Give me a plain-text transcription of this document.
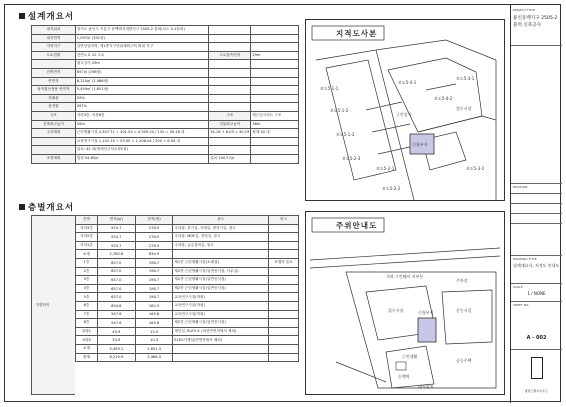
설계개요서
대지위치	경기도 용인시 기흥구 동백택지개발지구 2505-2 블럭(보도 5-2블럭)		
대지면적	1,097㎡ (331평)		
지역지구	일반상업지역, 제1종지구단위계획구역 확대 지구		
도로현황	전면도로 10 도로	도로접속면적	29m
	접도길이 29m		
건축면적	657㎡ (198평)		
연면적	8,210㎡ (2,486평)		
용적률산정용 연면적	5,459㎡ (1,651평)		
건폐율	59%		
용적률	497%		
규모	지하3층, 지상8층	구조	철근콘크리트 구조
건축최고높이	35m	건물최고높이	36m
주차계획	근린생활시설 4,307.71 ÷ 201.53 = 4,509.24 / 132 = 34.16 대	34.16 + 6.03 = 40.19	합계 40 대
	교육연구시설 1,152.14 ÷ 53.90 = 1,206.04 / 200 = 6.03 대		
	설치: 42 대(장애인주차1대포함)		
조경계획	법정 54.85㎡	설치 100.57㎡	
층별개요서
층별면적
층별	면적(㎡)	면적(평)	용도	비고
지하3층	920.7	278.9	주차장, 전기실, 기계실, 발전기실, 창고	
지하2층	920.7	278.9	주차장, MDF실, 전력실, 창고	
지하1층	920.7	278.9	주차장, 급수설비실, 창고	
소계	2,760.8	834.9		
1층	657.0	198.7	제1종 근린생활시설(소매점)	보행자 통로
2층	657.0	198.7	제2종 근린생활시설(일반음식점, 사무실)	
3층	657.0	198.7	제2종 근린생활시설(일반음식점)	
4층	657.0	198.7	제2종 근린생활시설(일반음식점)	
5층	657.0	198.7	교육연구시설(학원)	
6층	604.8	182.9	교육연구시설(학원)	
7층	547.6	165.6	교육연구시설(학원)	
8층	547.6	165.6	제2종 근린생활시설(일반음식점)	
옥탑1	45.9	13.9	계단실, ELEV.① (비상연면적에서 제외)	
옥탑2	33.9	10.3	ELEV기계실(연면적에서 제외)	
소계	5,459.1	1,651.4		
합계	8,219.9	2,486.3		
지적도사본
보도5-1-1
보도5-1-2
보도5-1-3
보도5-2-3
보도5-4-1
보도5-4-2
보도5-3-1
보도5-3-2
보도5-2-1
보도5-2-2
업무시설
근린상가
신청부지
주위안내도
동백역
석학 그린웨이 미부분
주차장
신청부지
업무시설	운동시설
근린생활
공동주택
대지위치
PROJECT TITLE
용인동백지구 2505-2블럭 신축공사
REVISION
DRAWING TITLE
설계개요서, 지적도 안내도
SCALE
1 / NONE
SHEET NO.
A - 002
종합건축사사무소
